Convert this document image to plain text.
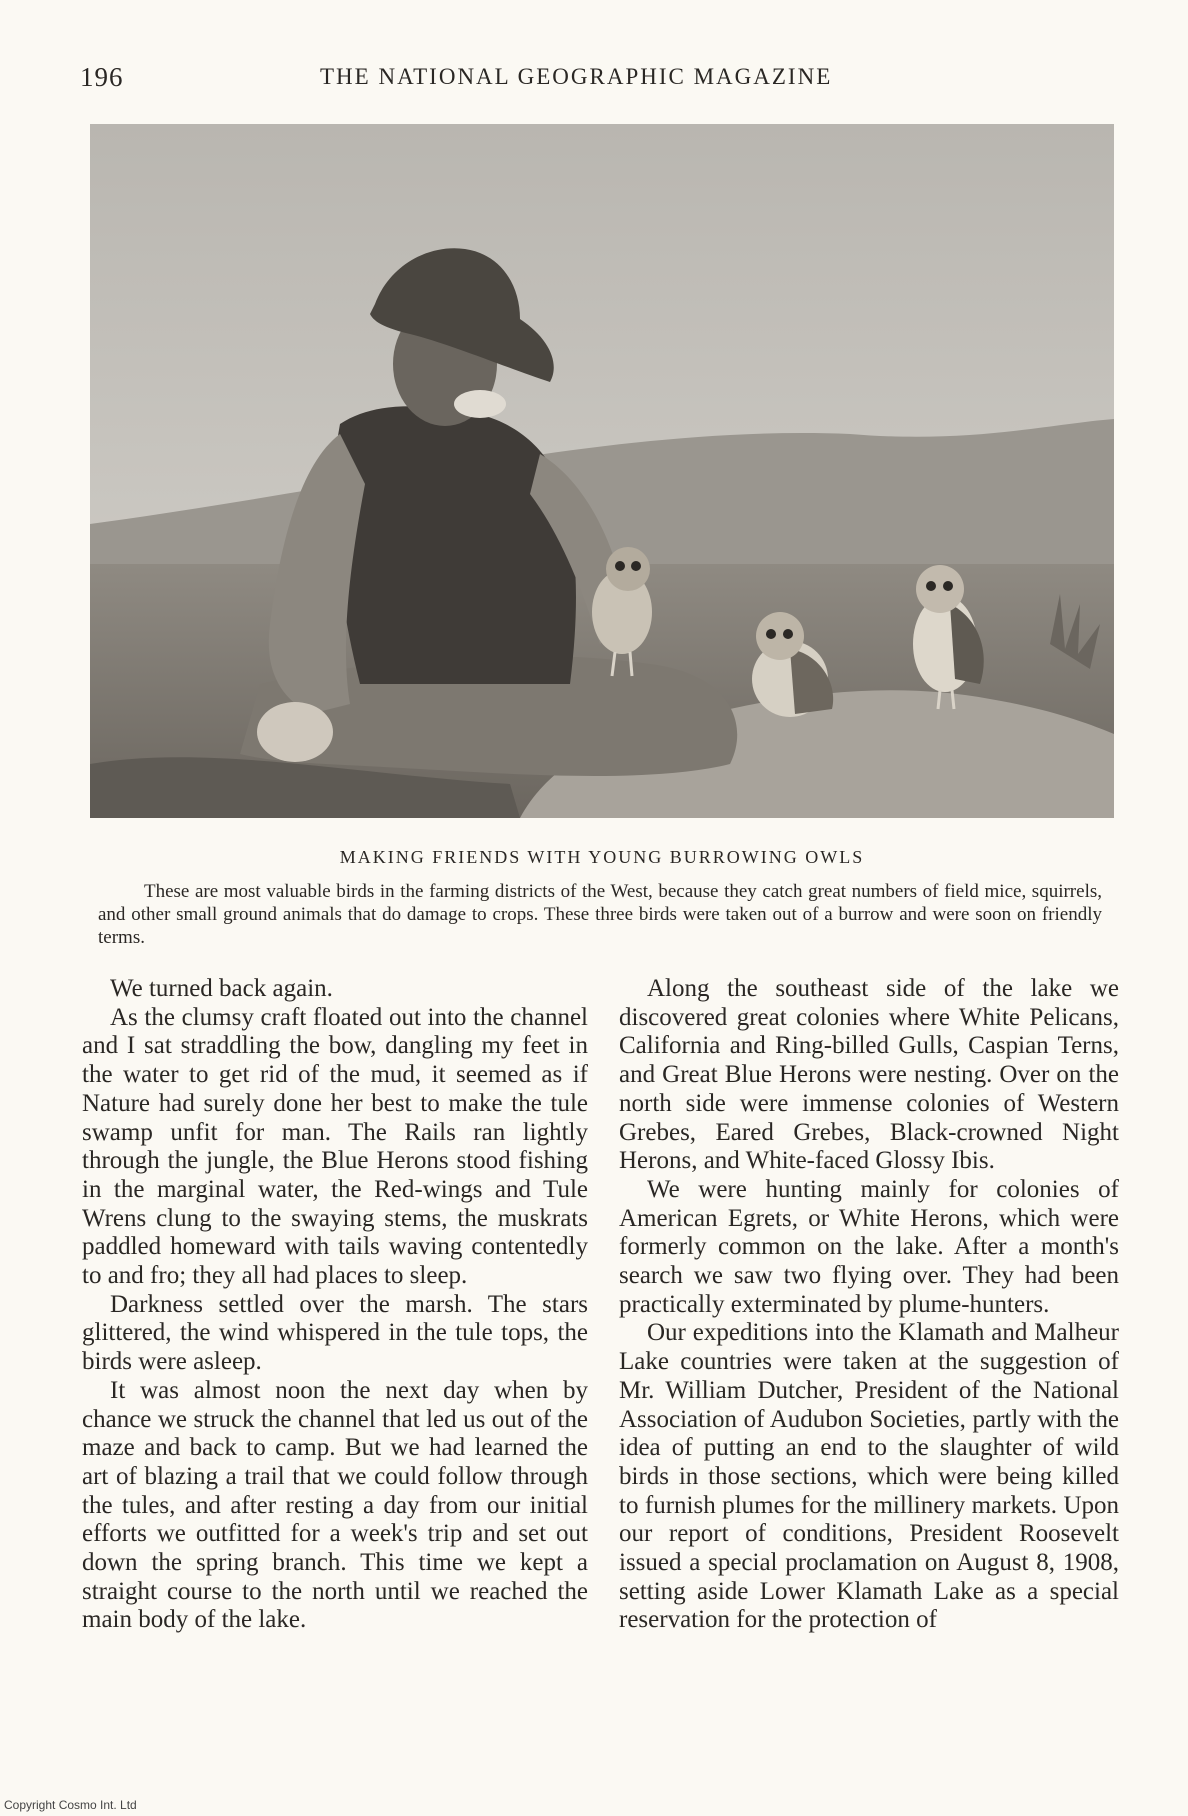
196	THE NATIONAL GEOGRAPHIC MAGAZINE
MAKING FRIENDS WITH YOUNG BURROWING OWLS
These are most valuable birds in the farming districts of the West, because they catch great numbers of field mice, squirrels, and other small ground animals that do damage to crops. These three birds were taken out of a burrow and were soon on friendly terms.

We turned back again.

As the clumsy craft floated out into the channel and I sat straddling the bow, dangling my feet in the water to get rid of the mud, it seemed as if Nature had surely done her best to make the tule swamp unfit for man. The Rails ran lightly through the jungle, the Blue Herons stood fishing in the marginal water, the Red-wings and Tule Wrens clung to the swaying stems, the muskrats paddled homeward with tails waving contentedly to and fro; they all had places to sleep.

Darkness settled over the marsh. The stars glittered, the wind whispered in the tule tops, the birds were asleep.

It was almost noon the next day when by chance we struck the channel that led us out of the maze and back to camp. But we had learned the art of blazing a trail that we could follow through the tules, and after resting a day from our initial efforts we outfitted for a week's trip and set out down the spring branch. This time we kept a straight course to the north until we reached the main body of the lake.

Along the southeast side of the lake we discovered great colonies where White Pelicans, California and Ring-billed Gulls, Caspian Terns, and Great Blue Herons were nesting. Over on the north side were immense colonies of Western Grebes, Eared Grebes, Black-crowned Night Herons, and White-faced Glossy Ibis.

We were hunting mainly for colonies of American Egrets, or White Herons, which were formerly common on the lake. After a month's search we saw two flying over. They had been practically exterminated by plume-hunters.

Our expeditions into the Klamath and Malheur Lake countries were taken at the suggestion of Mr. William Dutcher, President of the National Association of Audubon Societies, partly with the idea of putting an end to the slaughter of wild birds in those sections, which were being killed to furnish plumes for the millinery markets. Upon our report of conditions, President Roosevelt issued a special proclamation on August 8, 1908, setting aside Lower Klamath Lake as a special reservation for the protection of

Copyright Cosmo Int. Ltd
